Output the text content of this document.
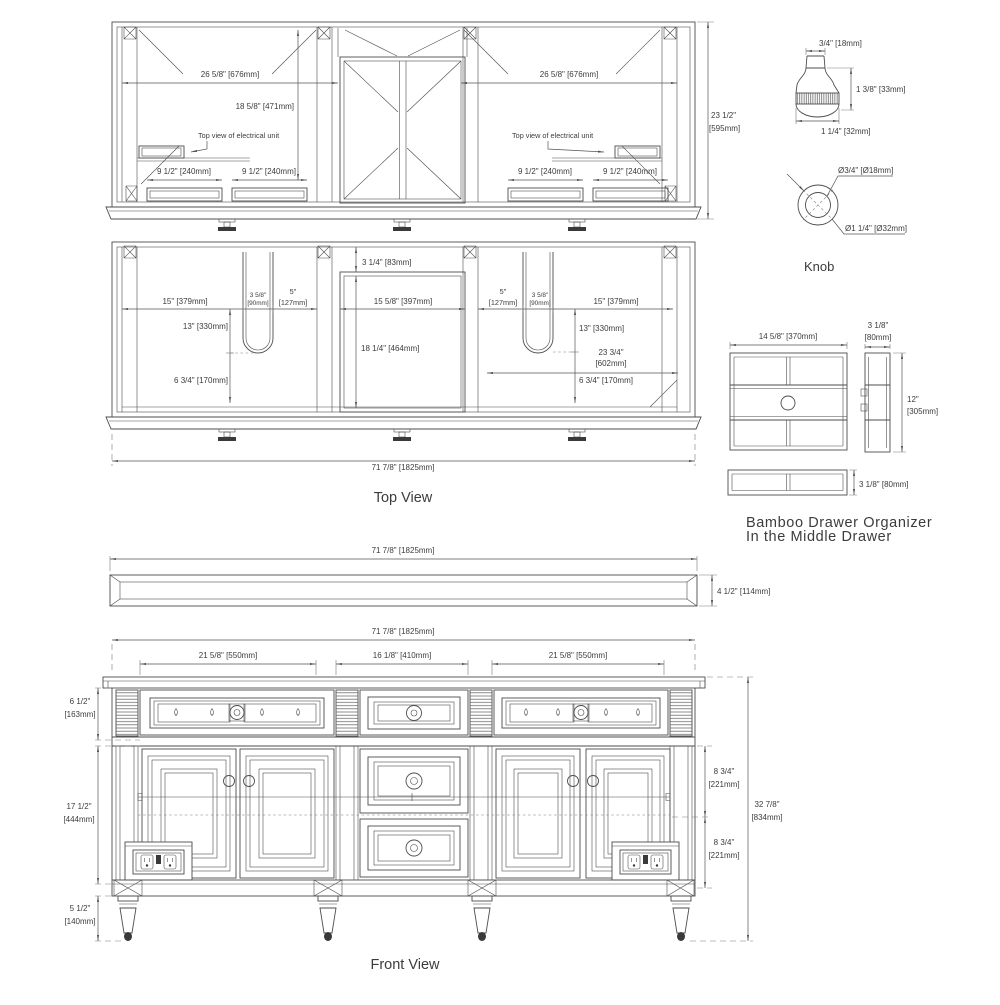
26 5/8" [676mm]	26 5/8" [676mm]
18 5/8" [471mm]
Top view of electrical unit	Top view of electrical unit
9 1/2" [240mm]	9 1/2" [240mm]	9 1/2" [240mm]	9 1/2" [240mm]
23 1/2"
[595mm]
15" [379mm]
3 5/8"
[90mm]
5"
[127mm]
13" [330mm]
6 3/4" [170mm]
3 1/4" [83mm]
15 5/8" [397mm]
18 1/4" [464mm]
5"
[127mm]
3 5/8"
[90mm]	15" [379mm]
13" [330mm]
23 3/4"
[602mm]
6 3/4" [170mm]
71 7/8" [1825mm]
Top View
3/4" [18mm]
1 3/8" [33mm]
1 1/4" [32mm]
Ø3/4" [Ø18mm]
Ø1 1/4" [Ø32mm]
Knob
14 5/8" [370mm]
3 1/8"
[80mm]
12"
[305mm]
3 1/8" [80mm]
Bamboo Drawer Organizer
In the Middle Drawer
71 7/8" [1825mm]
4 1/2" [114mm]
71 7/8" [1825mm]
21 5/8" [550mm]	16 1/8" [410mm]	21 5/8" [550mm]
6 1/2"
[163mm]
17 1/2"
[444mm]
5 1/2"
[140mm]
8 3/4"
[221mm]
8 3/4"
[221mm]
32 7/8"
[834mm]
Front View
